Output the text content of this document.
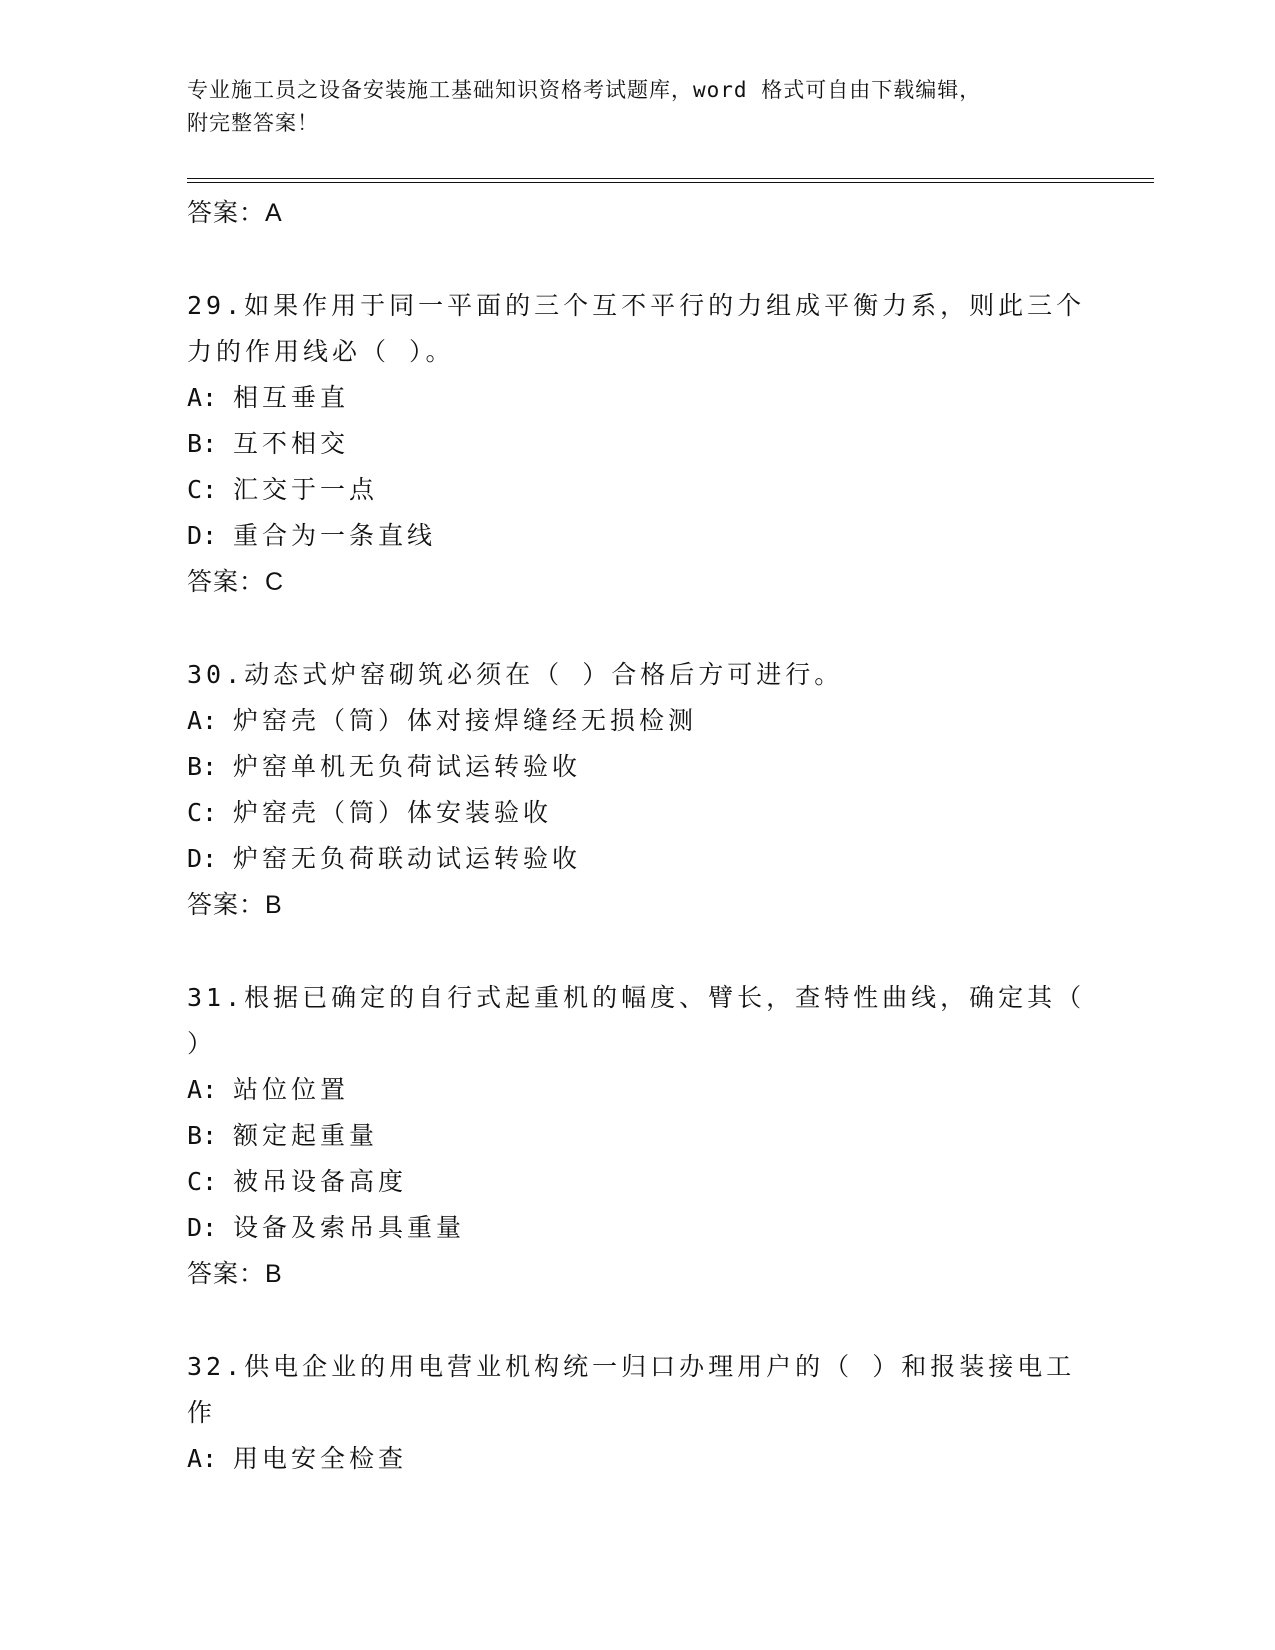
专业施工员之设备安装施工基础知识资格考试题库，word 格式可自由下载编辑，
附完整答案！
答案：A
29.如果作用于同一平面的三个互不平行的力组成平衡力系，则此三个
力的作用线必（ ）。
A: 相互垂直
B: 互不相交
C: 汇交于一点
D: 重合为一条直线
答案：C
30.动态式炉窑砌筑必须在（ ）合格后方可进行。
A: 炉窑壳（筒）体对接焊缝经无损检测
B: 炉窑单机无负荷试运转验收
C: 炉窑壳（筒）体安装验收
D: 炉窑无负荷联动试运转验收
答案：B
31.根据已确定的自行式起重机的幅度、臂长，查特性曲线，确定其（
）
A: 站位位置
B: 额定起重量
C: 被吊设备高度
D: 设备及索吊具重量
答案：B
32.供电企业的用电营业机构统一归口办理用户的（ ）和报装接电工
作
A: 用电安全检查
